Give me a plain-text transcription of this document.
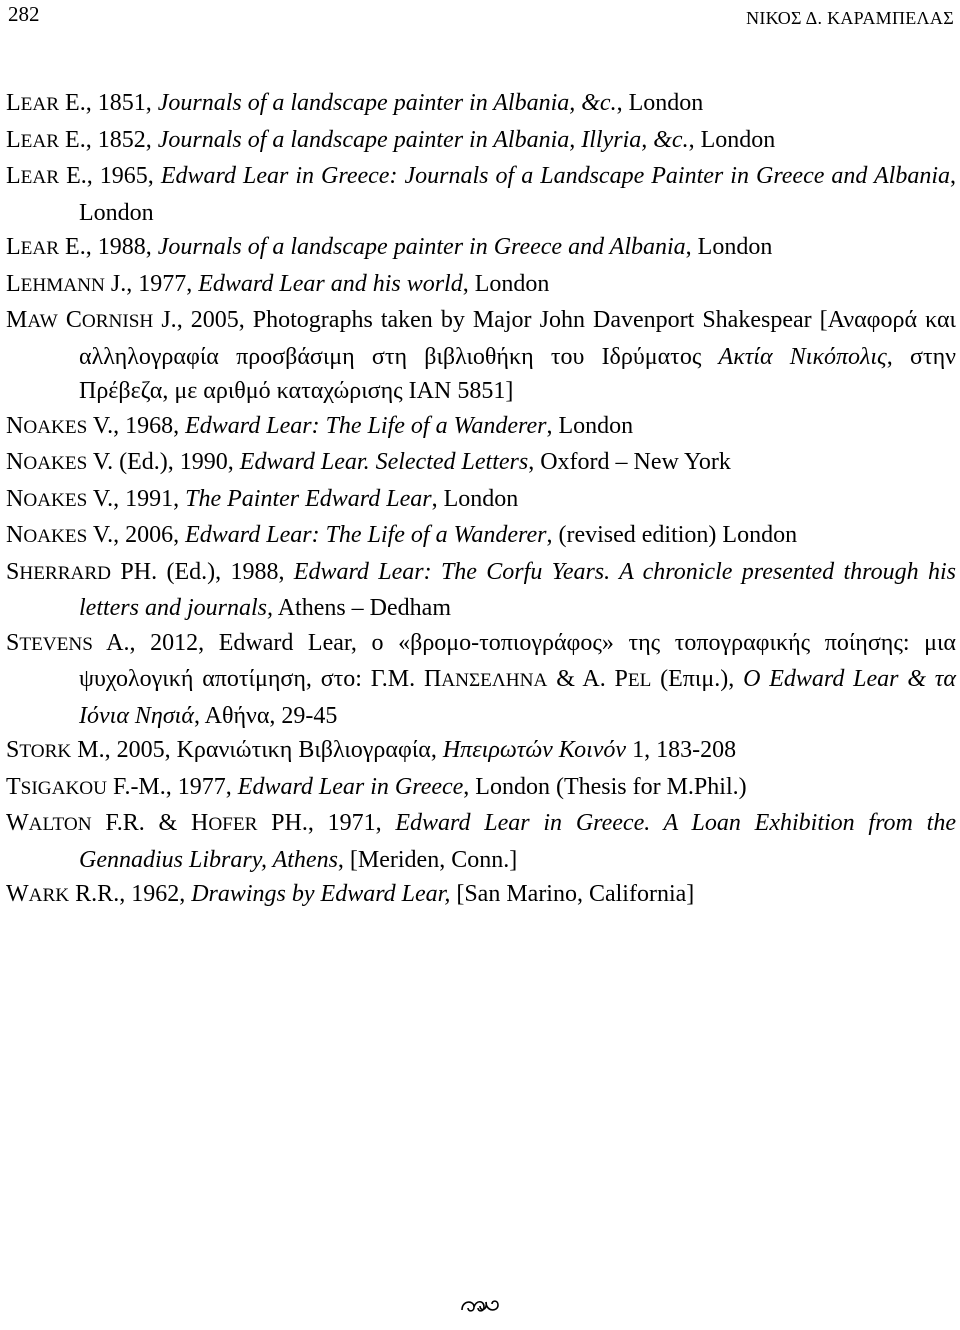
282	ΝΙΚΟΣ Δ. ΚΑΡΑΜΠΕΛΑΣ
LEAR E., 1851, Journals of a landscape painter in Albania, &c., London
LEAR E., 1852, Journals of a landscape painter in Albania, Illyria, &c., London
LEAR E., 1965, Edward Lear in Greece: Journals of a Landscape Painter in Greece and Albania, London
LEAR E., 1988, Journals of a landscape painter in Greece and Albania, London
LEHMANN J., 1977, Edward Lear and his world, London
MAW CORNISH J., 2005, Photographs taken by Major John Davenport Shakespear [Αναφορά και αλληλογραφία προσβάσιμη στη βιβλιοθήκη του Ιδρύματος Ακτία Νικόπολις, στην Πρέβεζα, με αριθμό καταχώρισης IAN 5851]
NOAKES V., 1968, Edward Lear: The Life of a Wanderer, London
NOAKES V. (Ed.), 1990, Edward Lear. Selected Letters, Oxford – New York
NOAKES V., 1991, The Painter Edward Lear, London
NOAKES V., 2006, Edward Lear: The Life of a Wanderer, (revised edition) London
SHERRARD PH. (Ed.), 1988, Edward Lear: The Corfu Years. A chronicle presented through his letters and journals, Athens – Dedham
STEVENS A., 2012, Edward Lear, ο «βρομο-τοπιογράφος» της τοπογραφικής ποίησης: μια ψυχολογική αποτίμηση, στο: Γ.Μ. ΠΑΝΣΕΛΗΝΑ & Α. PEL (Επιμ.), Ο Edward Lear & τα Ιόνια Νησιά, Αθήνα, 29-45
STORK M., 2005, Κρανιώτικη Βιβλιογραφία, Ηπειρωτών Κοινόν 1, 183-208
TSIGAKOU F.-M., 1977, Edward Lear in Greece, London (Thesis for M.Phil.)
WALTON F.R. & HOFER PH., 1971, Edward Lear in Greece. A Loan Exhibition from the Gennadius Library, Athens, [Meriden, Conn.]
WARK R.R., 1962, Drawings by Edward Lear, [San Marino, California]
